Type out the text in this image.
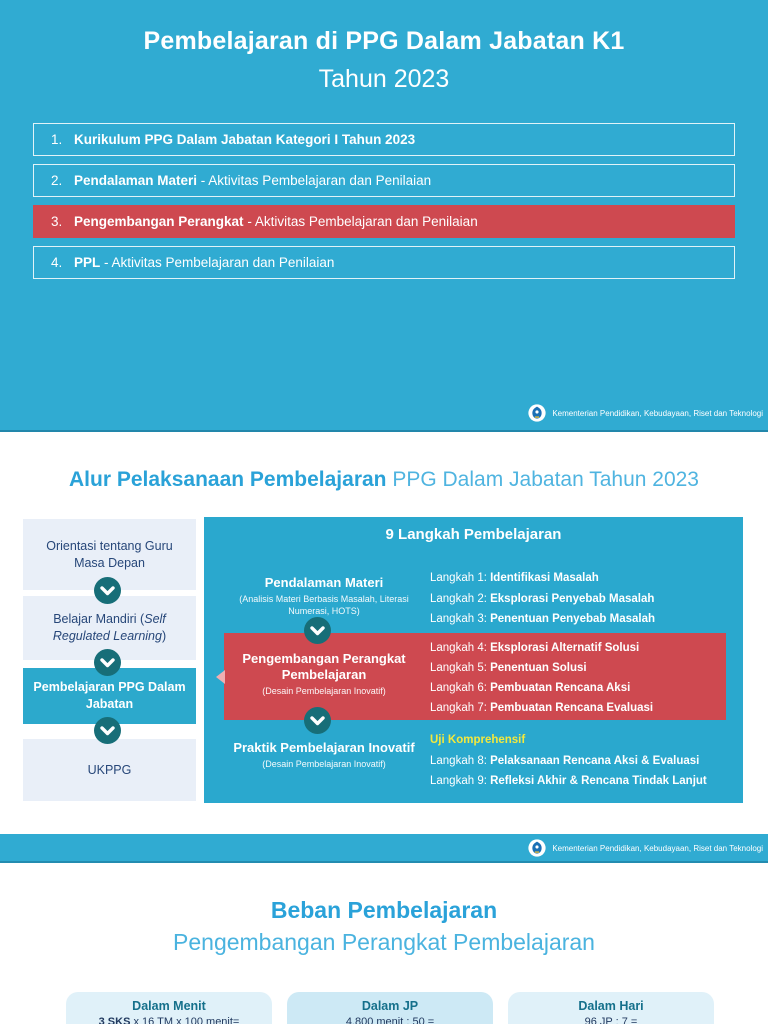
Pembelajaran di PPG Dalam Jabatan K1
Tahun 2023
1. Kurikulum PPG Dalam Jabatan Kategori I Tahun 2023
2. Pendalaman Materi - Aktivitas Pembelajaran dan Penilaian
3. Pengembangan Perangkat - Aktivitas Pembelajaran dan Penilaian
4. PPL - Aktivitas Pembelajaran dan Penilaian
Kementerian Pendidikan, Kebudayaan, Riset dan Teknologi
Alur Pelaksanaan Pembelajaran PPG Dalam Jabatan Tahun 2023
Orientasi tentang Guru Masa Depan
Belajar Mandiri (Self Regulated Learning)
Pembelajaran PPG Dalam Jabatan
UKPPG
9 Langkah Pembelajaran
Pendalaman Materi
(Analisis Materi Berbasis Masalah, Literasi Numerasi, HOTS)
Langkah 1: Identifikasi Masalah
Langkah 2: Eksplorasi Penyebab Masalah
Langkah 3: Penentuan Penyebab Masalah
Pengembangan Perangkat Pembelajaran
(Desain Pembelajaran Inovatif)
Langkah 4: Eksplorasi Alternatif Solusi
Langkah 5: Penentuan Solusi
Langkah 6: Pembuatan Rencana Aksi
Langkah 7: Pembuatan Rencana Evaluasi
Praktik Pembelajaran Inovatif
(Desain Pembelajaran Inovatif)
Uji Komprehensif
Langkah 8: Pelaksanaan Rencana Aksi & Evaluasi
Langkah 9: Refleksi Akhir & Rencana Tindak Lanjut
Kementerian Pendidikan, Kebudayaan, Riset dan Teknologi
Beban Pembelajaran
Pengembangan Perangkat Pembelajaran
Dalam Menit
3 SKS x 16 TM x 100 menit=
Dalam JP
4.800 menit : 50 =
Dalam Hari
96 JP : 7 =
